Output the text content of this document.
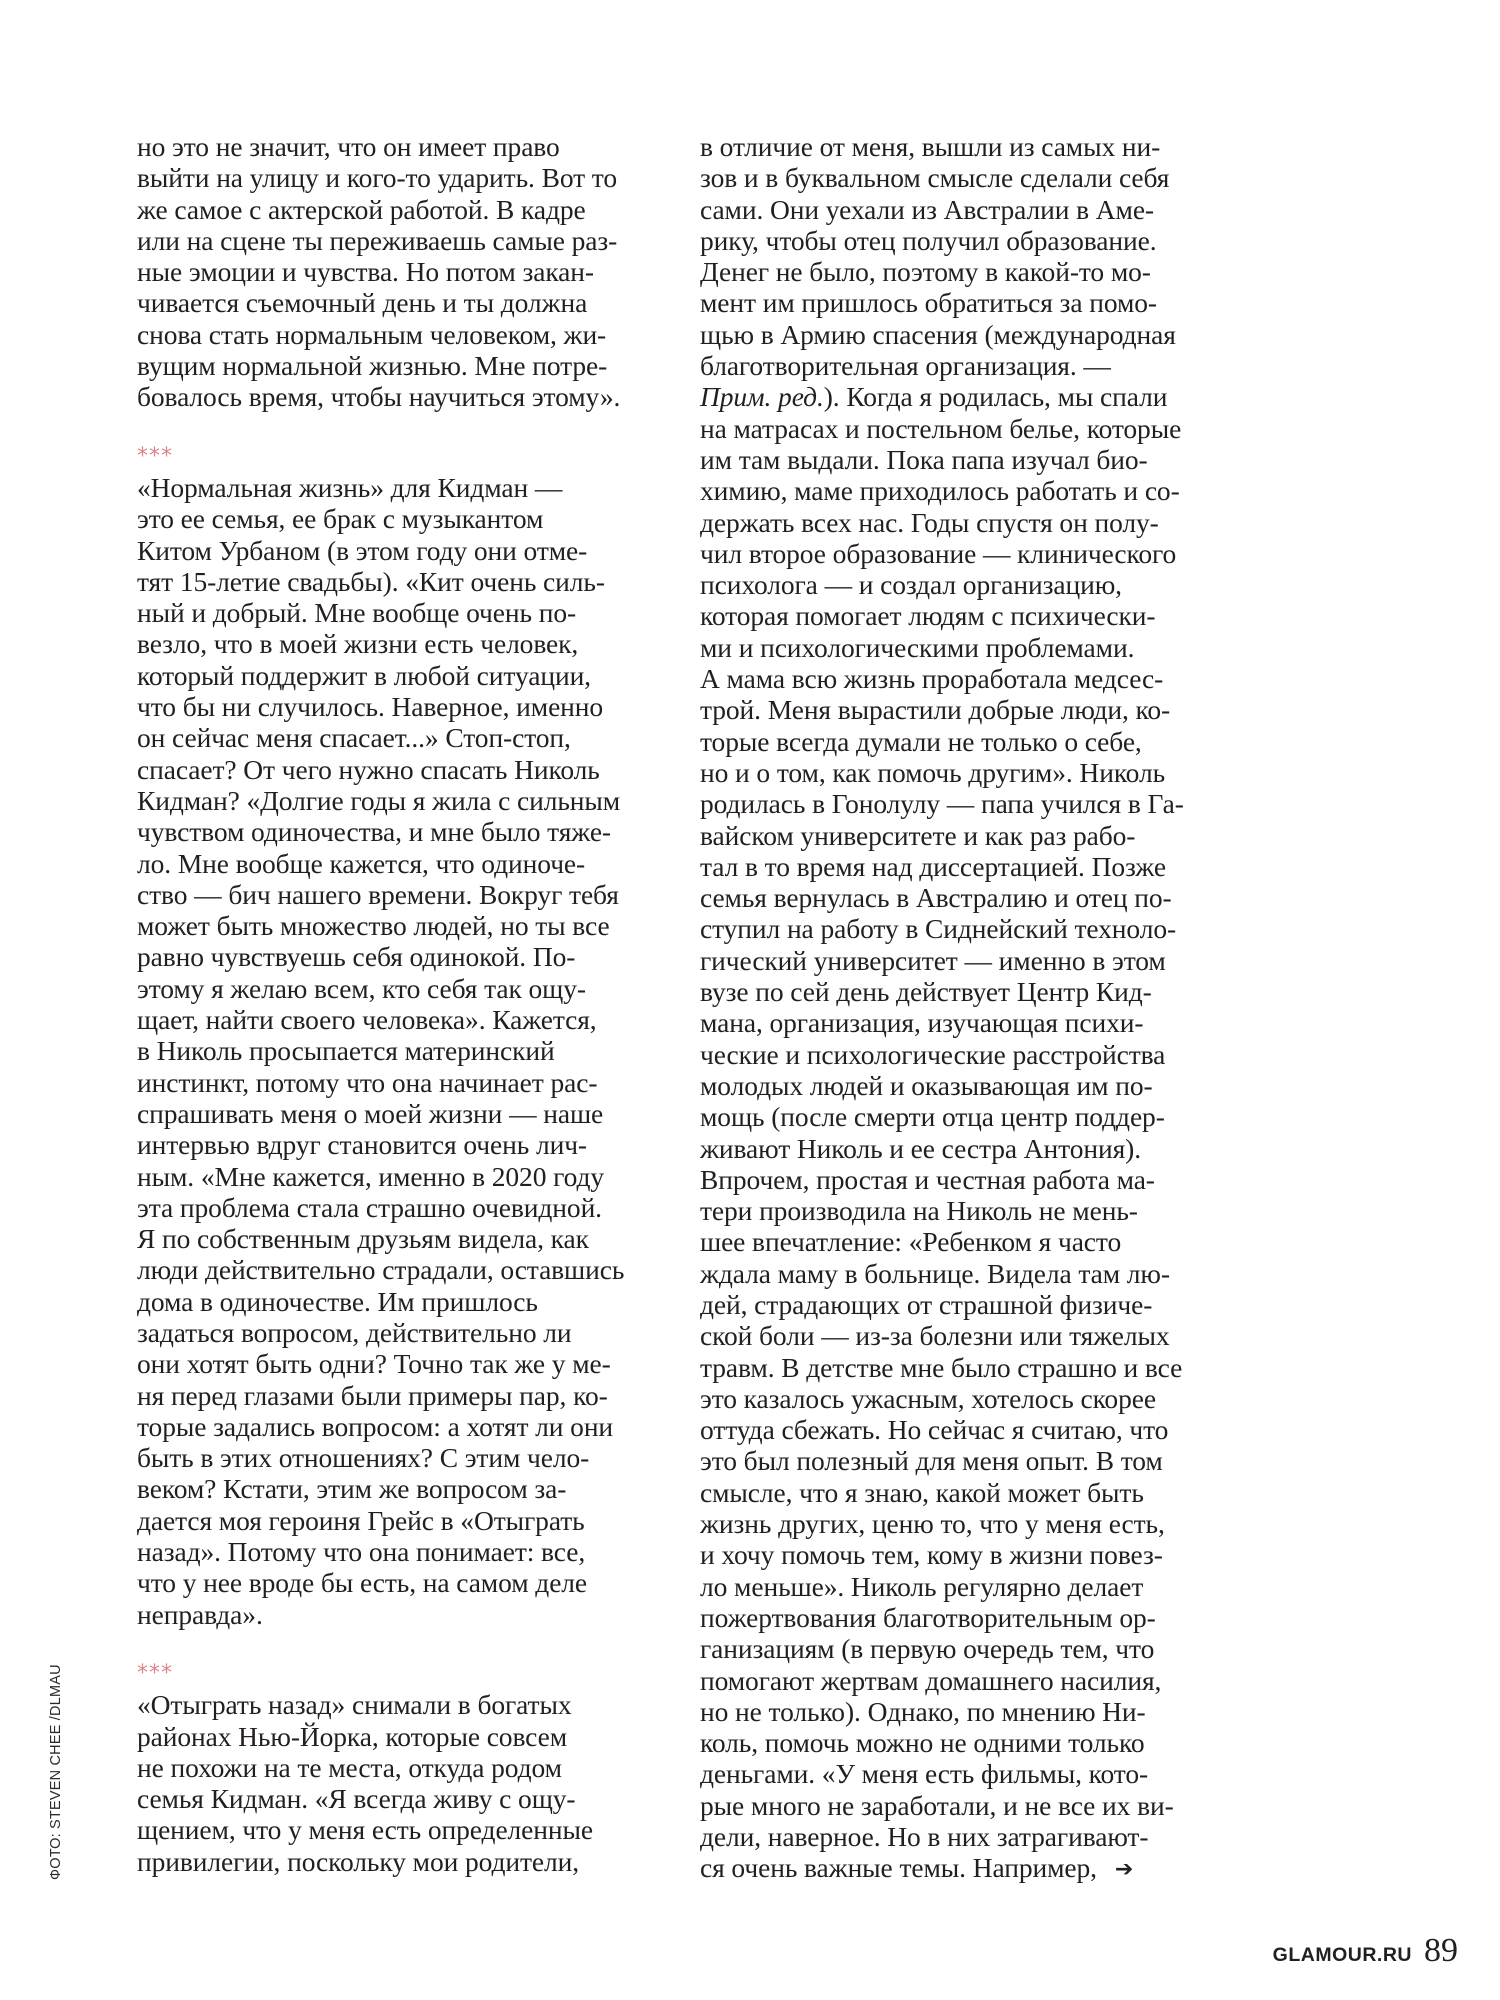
ФОТО: STEVEN CHEE /DLMAU
но это не значит, что он имеет право
выйти на улицу и кого-то ударить. Вот то
же самое с актерской работой. В кадре
или на сцене ты переживаешь самые раз-
ные эмоции и чувства. Но потом закан-
чивается съемочный день и ты должна
снова стать нормальным человеком, жи-
вущим нормальной жизнью. Мне потре-
бовалось время, чтобы научиться этому».
***
«Нормальная жизнь» для Кидман —
это ее семья, ее брак с музыкантом
Китом Урбаном (в этом году они отме-
тят 15-летие свадьбы). «Кит очень силь-
ный и добрый. Мне вообще очень по-
везло, что в моей жизни есть человек,
который поддержит в любой ситуации,
что бы ни случилось. Наверное, именно
он сейчас меня спасает...» Стоп-стоп,
спасает? От чего нужно спасать Николь
Кидман? «Долгие годы я жила с сильным
чувством одиночества, и мне было тяже-
ло. Мне вообще кажется, что одиноче-
ство — бич нашего времени. Вокруг тебя
может быть множество людей, но ты все
равно чувствуешь себя одинокой. По-
этому я желаю всем, кто себя так ощу-
щает, найти своего человека». Кажется,
в Николь просыпается материнский
инстинкт, потому что она начинает рас-
спрашивать меня о моей жизни — наше
интервью вдруг становится очень лич-
ным. «Мне кажется, именно в 2020 году
эта проблема стала страшно очевидной.
Я по собственным друзьям видела, как
люди действительно страдали, оставшись
дома в одиночестве. Им пришлось
задаться вопросом, действительно ли
они хотят быть одни? Точно так же у ме-
ня перед глазами были примеры пар, ко-
торые задались вопросом: а хотят ли они
быть в этих отношениях? С этим чело-
веком? Кстати, этим же вопросом за-
дается моя героиня Грейс в «Отыграть
назад». Потому что она понимает: все,
что у нее вроде бы есть, на самом деле
неправда».
***
«Отыграть назад» снимали в богатых
районах Нью-Йорка, которые совсем
не похожи на те места, откуда родом
семья Кидман. «Я всегда живу с ощу-
щением, что у меня есть определенные
привилегии, поскольку мои родители,
в отличие от меня, вышли из самых ни-
зов и в буквальном смысле сделали себя
сами. Они уехали из Австралии в Аме-
рику, чтобы отец получил образование.
Денег не было, поэтому в какой-то мо-
мент им пришлось обратиться за помо-
щью в Армию спасения (международная
благотворительная организация. —
Прим. ред.). Когда я родилась, мы спали
на матрасах и постельном белье, которые
им там выдали. Пока папа изучал био-
химию, маме приходилось работать и со-
держать всех нас. Годы спустя он полу-
чил второе образование — клинического
психолога — и создал организацию,
которая помогает людям с психически-
ми и психологическими проблемами.
А мама всю жизнь проработала медсес-
трой. Меня вырастили добрые люди, ко-
торые всегда думали не только о себе,
но и о том, как помочь другим». Николь
родилась в Гонолулу — папа учился в Га-
вайском университете и как раз рабо-
тал в то время над диссертацией. Позже
семья вернулась в Австралию и отец по-
ступил на работу в Сиднейский техноло-
гический университет — именно в этом
вузе по сей день действует Центр Кид-
мана, организация, изучающая психи-
ческие и психологические расстройства
молодых людей и оказывающая им по-
мощь (после смерти отца центр поддер-
живают Николь и ее сестра Антония).
Впрочем, простая и честная работа ма-
тери производила на Николь не мень-
шее впечатление: «Ребенком я часто
ждала маму в больнице. Видела там лю-
дей, страдающих от страшной физиче-
ской боли — из-за болезни или тяжелых
травм. В детстве мне было страшно и все
это казалось ужасным, хотелось скорее
оттуда сбежать. Но сейчас я считаю, что
это был полезный для меня опыт. В том
смысле, что я знаю, какой может быть
жизнь других, ценю то, что у меня есть,
и хочу помочь тем, кому в жизни повез-
ло меньше». Николь регулярно делает
пожертвования благотворительным ор-
ганизациям (в первую очередь тем, что
помогают жертвам домашнего насилия,
но не только). Однако, по мнению Ни-
коль, помочь можно не одними только
деньгами. «У меня есть фильмы, кото-
рые много не заработали, и не все их ви-
дели, наверное. Но в них затрагивают-
ся очень важные темы. Например, ➔
GLAMOUR.RU 89
